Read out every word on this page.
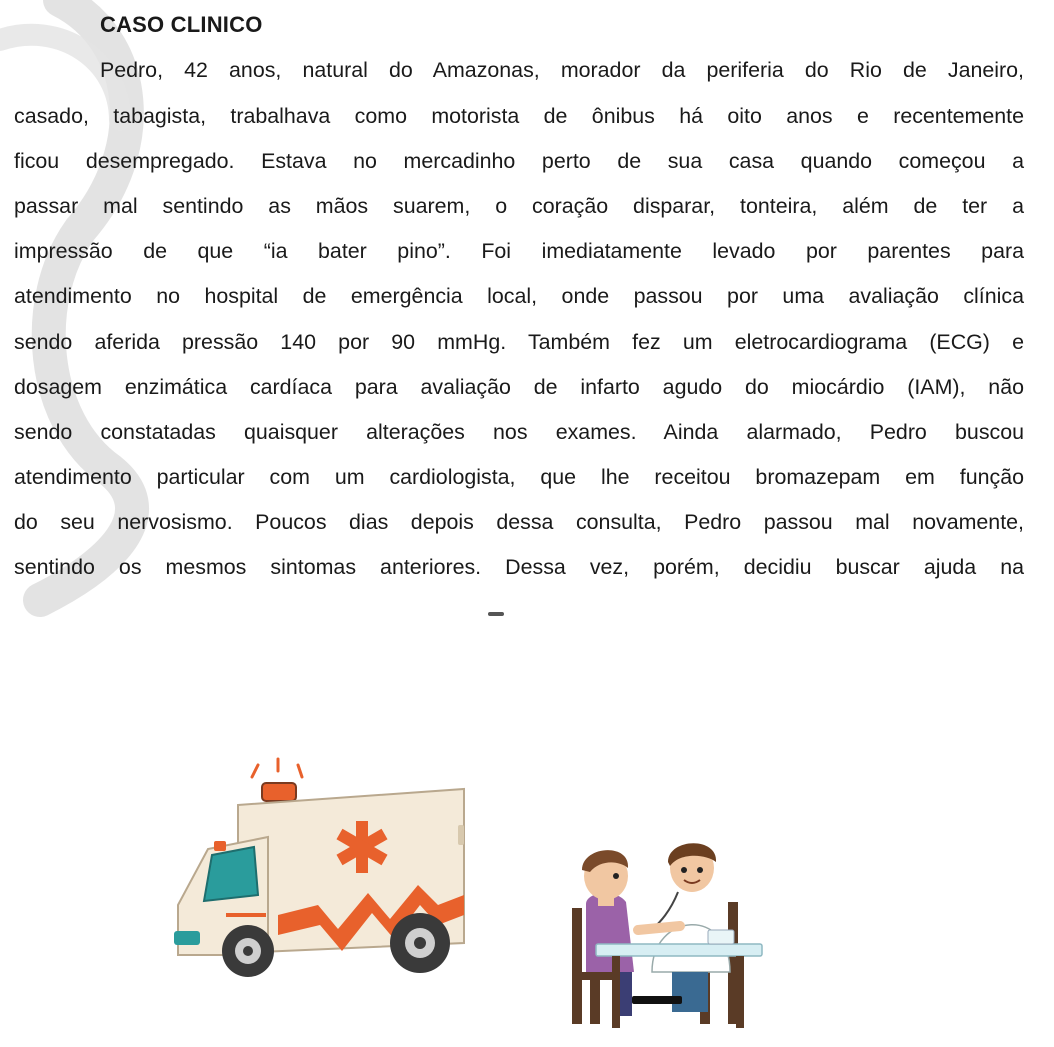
CASO CLINICO
Pedro, 42 anos, natural do Amazonas, morador da periferia do Rio de Janeiro,
casado, tabagista, trabalhava como motorista de ônibus há oito anos e recentemente
ficou desempregado. Estava no mercadinho perto de sua casa quando começou a
passar mal sentindo as mãos suarem, o coração disparar, tonteira, além de ter a
impressão de que “ia bater pino”. Foi imediatamente levado por parentes para
atendimento no hospital de emergência local, onde passou por uma avaliação clínica
sendo aferida pressão 140 por 90 mmHg. Também fez um eletrocardiograma (ECG) e
dosagem enzimática cardíaca para avaliação de infarto agudo do miocárdio (IAM), não
sendo constatadas quaisquer alterações nos exames. Ainda alarmado, Pedro buscou
atendimento particular com um cardiologista, que lhe receitou bromazepam em função
do seu nervosismo. Poucos dias depois dessa consulta, Pedro passou mal novamente,
sentindo os mesmos sintomas anteriores. Dessa vez, porém, decidiu buscar ajuda na
